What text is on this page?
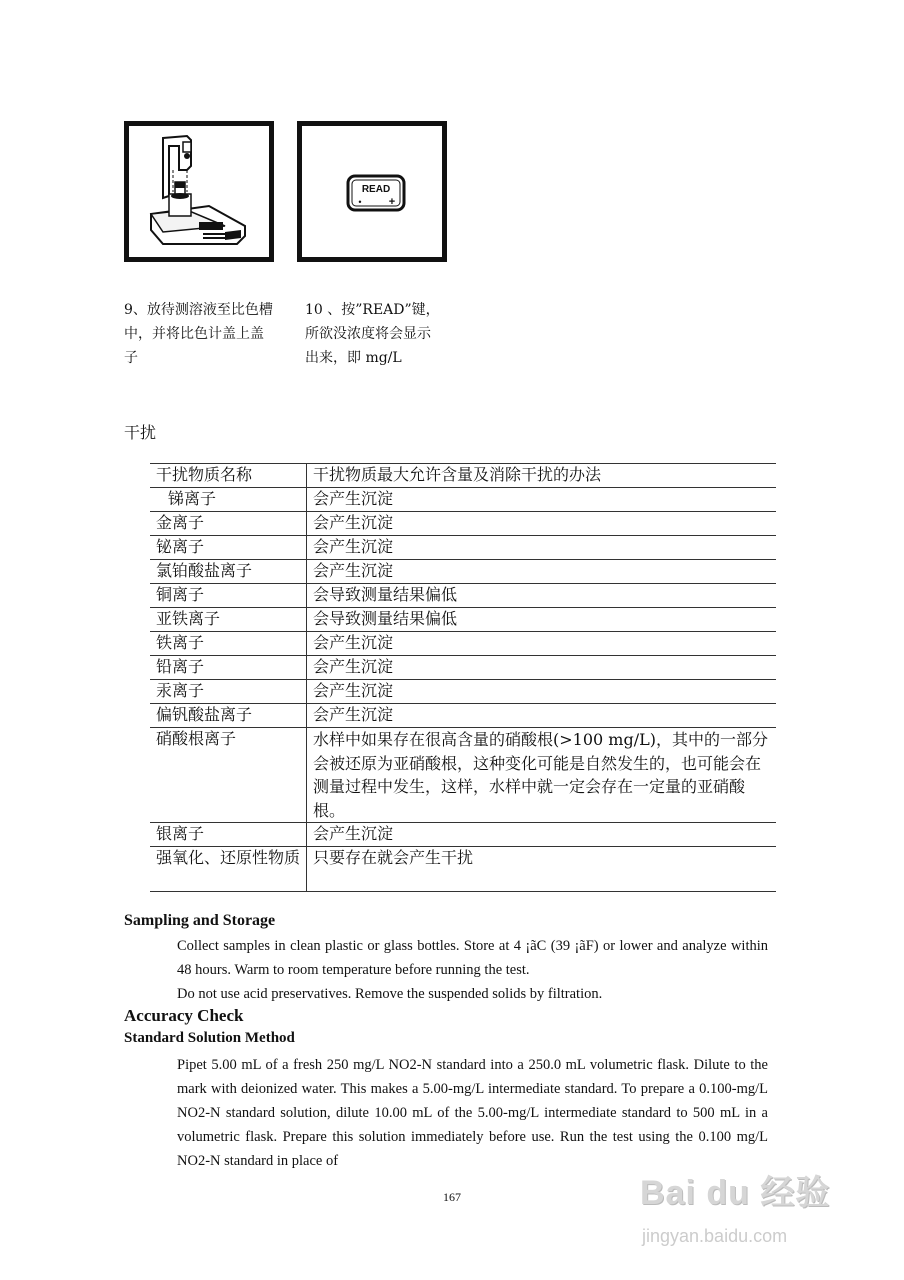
READ
• +
9、放待测溶液至比色槽
中，并将比色计盖上盖
子
10 、按”READ”键，
所欲没浓度将会显示
出来，即 mg/L
干扰
干扰物质名称	干扰物质最大允许含量及消除干扰的办法
锑离子	会产生沉淀
金离子	会产生沉淀
铋离子	会产生沉淀
氯铂酸盐离子	会产生沉淀
铜离子	会导致测量结果偏低
亚铁离子	会导致测量结果偏低
铁离子	会产生沉淀
铅离子	会产生沉淀
汞离子	会产生沉淀
偏钒酸盐离子	会产生沉淀
硝酸根离子	水样中如果存在很高含量的硝酸根(>100 mg/L)，其中的一部分会被还原为亚硝酸根，这种变化可能是自然发生的，也可能会在测量过程中发生，这样，水样中就一定会存在一定量的亚硝酸根。
银离子	会产生沉淀
强氧化、还原性物质	只要存在就会产生干扰
Sampling and Storage
Collect samples in clean plastic or glass bottles. Store at 4 ¡ãC (39 ¡ãF) or lower and analyze within 48 hours. Warm to room temperature before running the test.
Do not use acid preservatives. Remove the suspended solids by filtration.
Accuracy Check
Standard Solution Method
Pipet 5.00 mL of a fresh 250 mg/L NO2-N standard into a 250.0 mL volumetric flask. Dilute to the mark with deionized water. This makes a 5.00-mg/L intermediate standard. To prepare a 0.100-mg/L NO2-N standard solution, dilute 10.00 mL of the 5.00-mg/L intermediate standard to 500 mL in a volumetric flask. Prepare this solution immediately before use. Run the test using the 0.100 mg/L NO2-N standard in place of
167	Bai du 经验
jingyan.baidu.com
